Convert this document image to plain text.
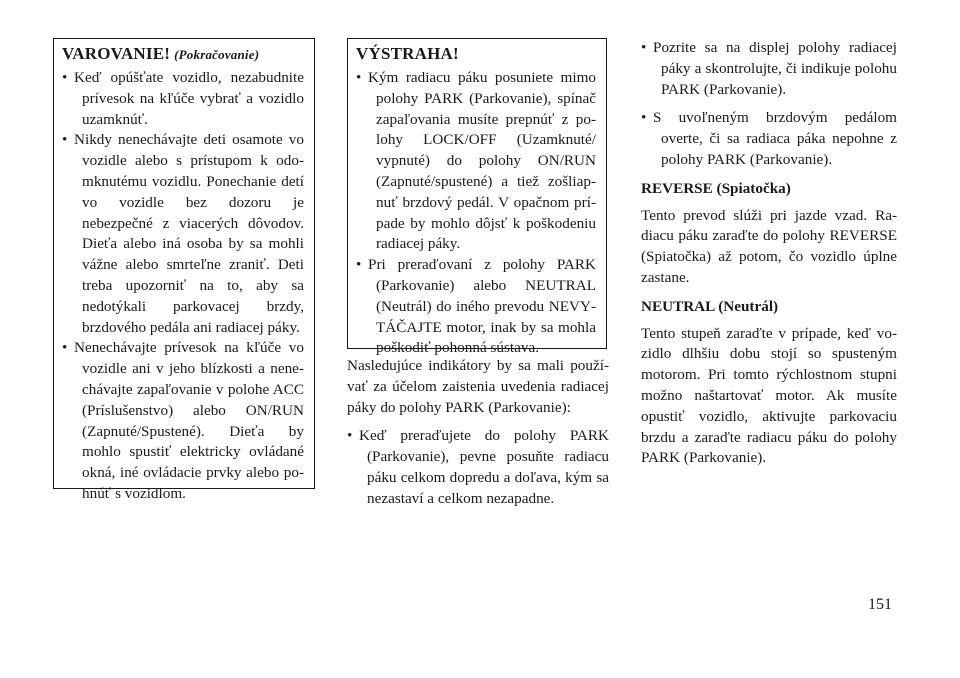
VAROVANIE! (Pokračovanie)
• Keď opúšťate vozidlo, nezabudnite prívesok na kľúče vybrať a vozidlo uzamknúť.
• Nikdy nenechávajte deti osamote vo vozidle alebo s prístupom k odomknutému vozidlu. Ponechanie detí vo vozidle bez dozoru je nebezpečné z viacerých dôvodov. Dieťa alebo iná osoba by sa mohli vážne alebo smrteľne zraniť. Deti treba upozorniť na to, aby sa nedotýkali parkovacej brzdy, brzdového pedála ani radiacej páky.
• Nenechávajte prívesok na kľúče vo vozidle ani v jeho blízkosti a nenechávajte zapaľovanie v polohe ACC (Príslušenstvo) alebo ON/RUN (Zapnuté/Spustené). Dieťa by mohlo spustiť elektricky ovládané okná, iné ovládacie prvky alebo pohnúť s vozidlom.
VÝSTRAHA!
• Kým radiacu páku posuniete mimo polohy PARK (Parkovanie), spínač zapaľovania musíte prepnúť z polohy LOCK/OFF (Uzamknuté/ vypnuté) do polohy ON/RUN (Zapnuté/spustené) a tiež zošliapnuť brzdový pedál. V opačnom prípade by mohlo dôjsť k poškodeniu radiacej páky.
• Pri preraďovaní z polohy PARK (Parkovanie) alebo NEUTRAL (Neutrál) do iného prevodu NEVYTÁČAJTE motor, inak by sa mohla poškodiť pohonná sústava.

Nasledujúce indikátory by sa mali používať za účelom zaistenia uvedenia radiacej páky do polohy PARK (Parkovanie):

• Keď preraďujete do polohy PARK (Parkovanie), pevne posuňte radiacu páku celkom dopredu a doľava, kým sa nezastaví a celkom nezapadne.
• Pozrite sa na displej polohy radiacej páky a skontrolujte, či indikuje polohu PARK (Parkovanie).
• S uvoľneným brzdovým pedálom overte, či sa radiaca páka nepohne z polohy PARK (Parkovanie).
REVERSE (Spiatočka)

Tento prevod slúži pri jazde vzad. Radiacu páku zaraďte do polohy REVERSE (Spiatočka) až potom, čo vozidlo úplne zastane.

NEUTRAL (Neutrál)

Tento stupeň zaraďte v prípade, keď vozidlo dlhšiu dobu stojí so spusteným motorom. Pri tomto rýchlostnom stupni možno naštartovať motor. Ak musíte opustiť vozidlo, aktivujte parkovaciu brzdu a zaraďte radiacu páku do polohy PARK (Parkovanie).

151
